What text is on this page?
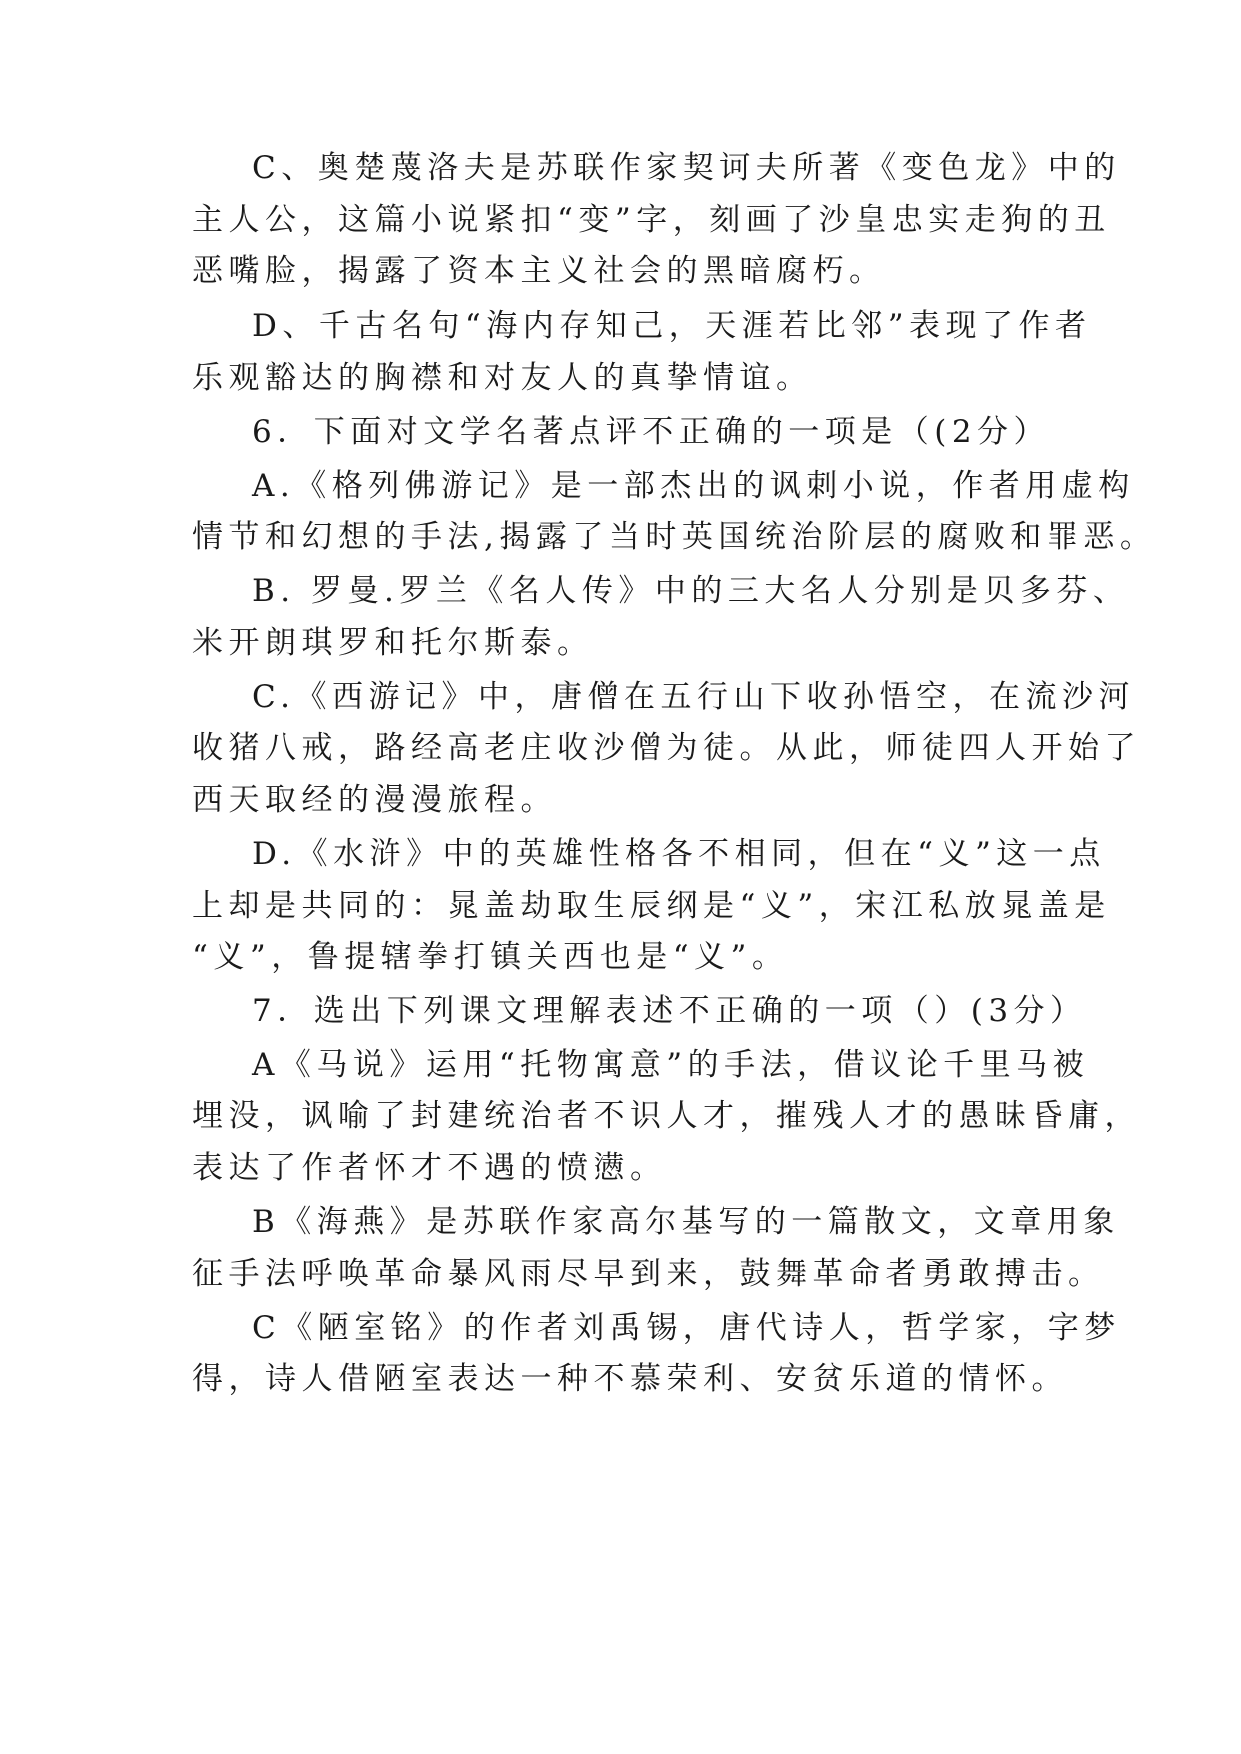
C、奥楚蔑洛夫是苏联作家契诃夫所著《变色龙》中的
主人公，这篇小说紧扣“变”字，刻画了沙皇忠实走狗的丑
恶嘴脸，揭露了资本主义社会的黑暗腐朽。
D、千古名句“海内存知己，天涯若比邻”表现了作者
乐观豁达的胸襟和对友人的真挚情谊。
6．下面对文学名著点评不正确的一项是（(2分）
A.《格列佛游记》是一部杰出的讽刺小说，作者用虚构
情节和幻想的手法,揭露了当时英国统治阶层的腐败和罪恶。
B. 罗曼.罗兰《名人传》中的三大名人分别是贝多芬、
米开朗琪罗和托尔斯泰。
C.《西游记》中，唐僧在五行山下收孙悟空，在流沙河
收猪八戒，路经高老庄收沙僧为徒。从此，师徒四人开始了
西天取经的漫漫旅程。
D.《水浒》中的英雄性格各不相同，但在“义”这一点
上却是共同的：晁盖劫取生辰纲是“义”，宋江私放晁盖是
“义”，鲁提辖拳打镇关西也是“义”。
7．选出下列课文理解表述不正确的一项（）(3分）
A《马说》运用“托物寓意”的手法，借议论千里马被
埋没，讽喻了封建统治者不识人才，摧残人才的愚昧昏庸，
表达了作者怀才不遇的愤懑。
B《海燕》是苏联作家高尔基写的一篇散文，文章用象
征手法呼唤革命暴风雨尽早到来，鼓舞革命者勇敢搏击。
C《陋室铭》的作者刘禹锡，唐代诗人，哲学家，字梦
得，诗人借陋室表达一种不慕荣利、安贫乐道的情怀。
